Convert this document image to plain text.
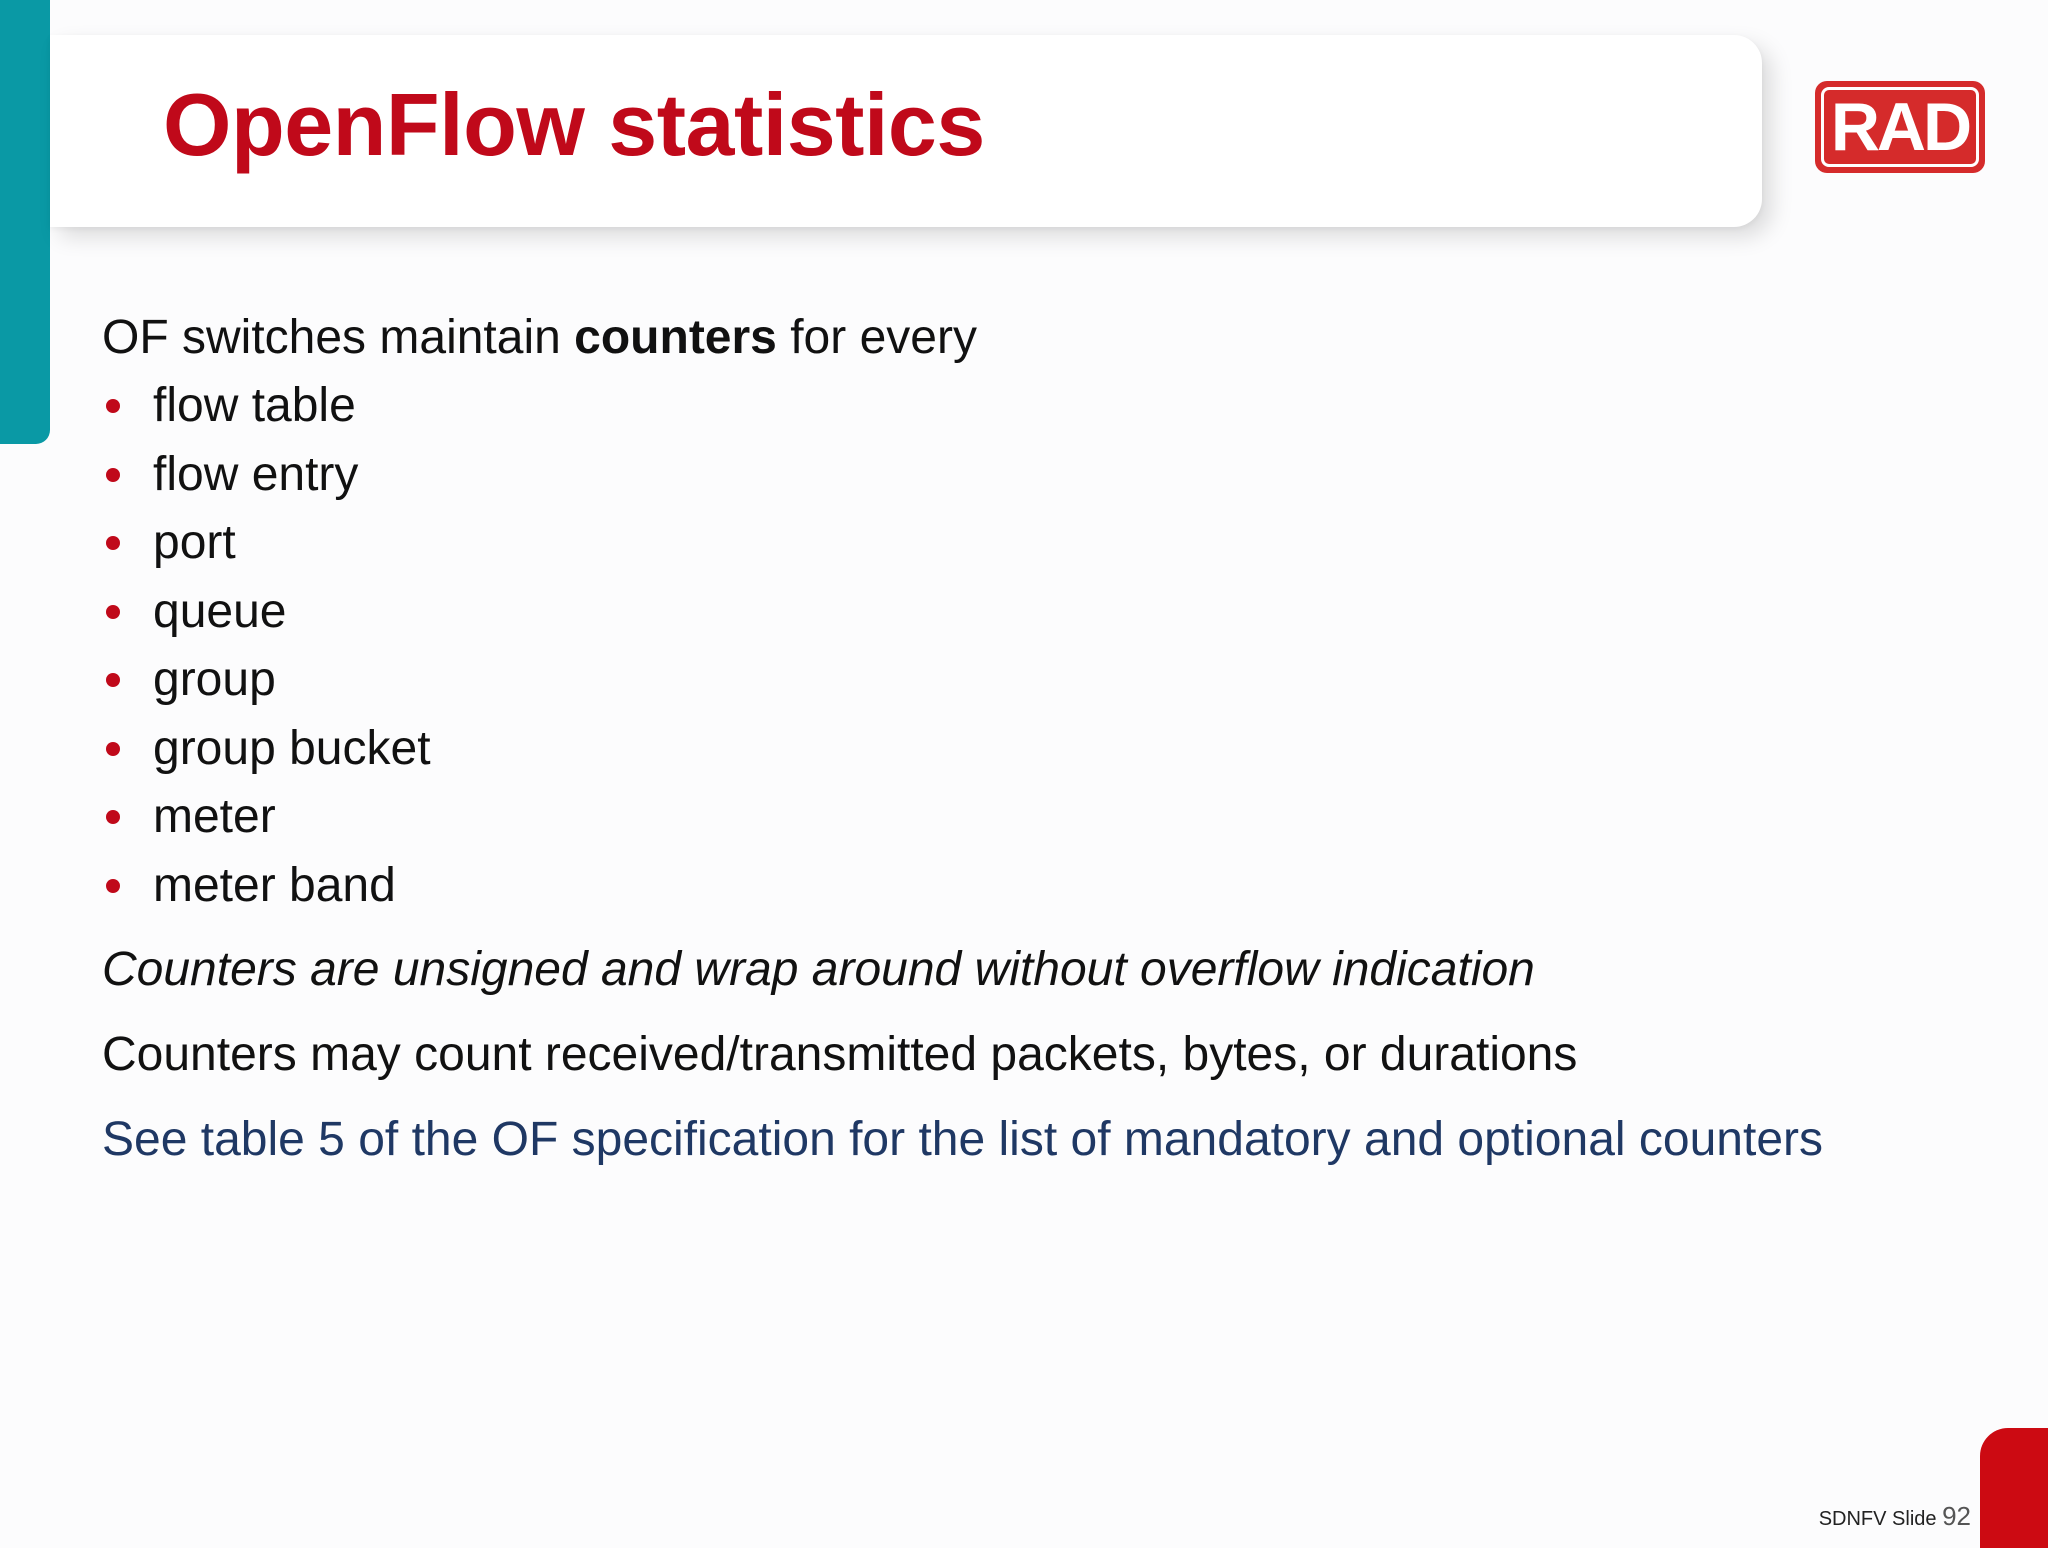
OpenFlow statistics	RAD
OF switches maintain counters for every
flow table
flow entry
port
queue
group
group bucket
meter
meter band
Counters are unsigned and wrap around without overflow indication
Counters may count received/transmitted packets, bytes, or durations
See table 5 of the OF specification for the list of mandatory and optional counters
SDNFV Slide 92
